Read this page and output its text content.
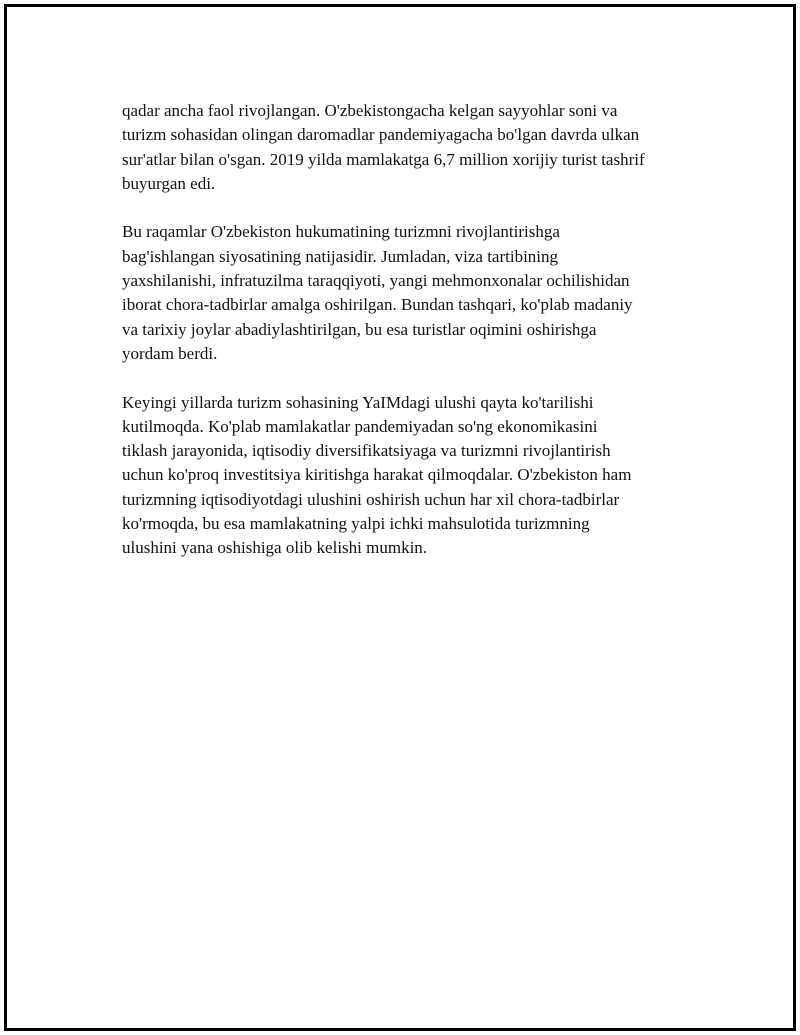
qadar ancha faol rivojlangan. O'zbekistongacha kelgan sayyohlar soni va
turizm sohasidan olingan daromadlar pandemiyagacha bo'lgan davrda ulkan
sur'atlar bilan o'sgan. 2019 yilda mamlakatga 6,7 million xorijiy turist tashrif
buyurgan edi.

Bu raqamlar O'zbekiston hukumatining turizmni rivojlantirishga
bag'ishlangan siyosatining natijasidir. Jumladan, viza tartibining
yaxshilanishi, infratuzilma taraqqiyoti, yangi mehmonxonalar ochilishidan
iborat chora-tadbirlar amalga oshirilgan. Bundan tashqari, ko'plab madaniy
va tarixiy joylar abadiylashtirilgan, bu esa turistlar oqimini oshirishga
yordam berdi.

Keyingi yillarda turizm sohasining YaIMdagi ulushi qayta ko'tarilishi
kutilmoqda. Ko'plab mamlakatlar pandemiyadan so'ng ekonomikasini
tiklash jarayonida, iqtisodiy diversifikatsiyaga va turizmni rivojlantirish
uchun ko'proq investitsiya kiritishga harakat qilmoqdalar. O'zbekiston ham
turizmning iqtisodiyotdagi ulushini oshirish uchun har xil chora-tadbirlar
ko'rmoqda, bu esa mamlakatning yalpi ichki mahsulotida turizmning
ulushini yana oshishiga olib kelishi mumkin.
